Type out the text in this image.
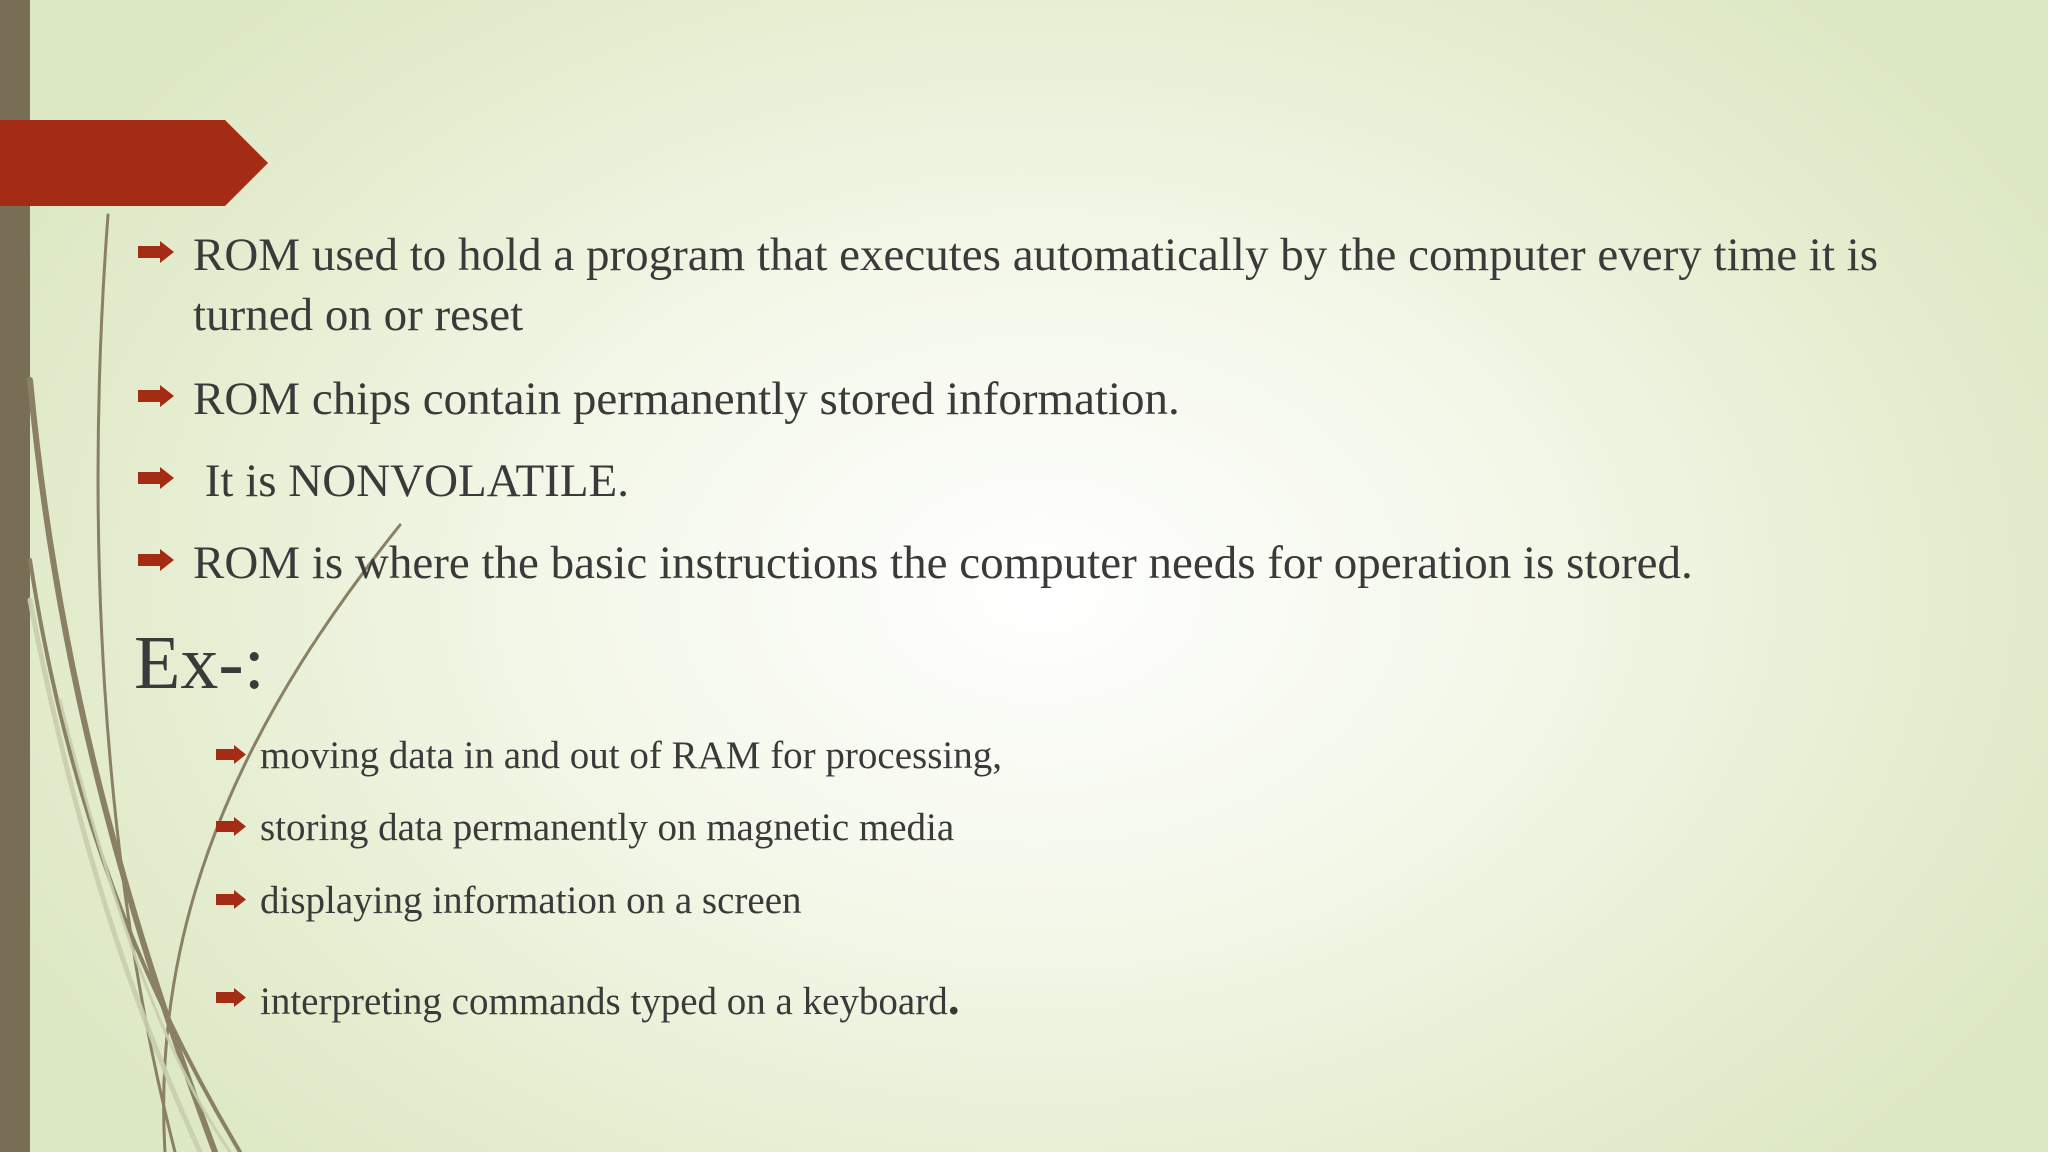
ROM used to hold a program that executes automatically by the computer every time it is turned on or reset
ROM chips contain permanently stored information.
It is NONVOLATILE.
ROM is where the basic instructions the computer needs for operation is stored.
Ex-:
moving data in and out of RAM for processing,
storing data permanently on magnetic media
displaying information on a screen
interpreting commands typed on a keyboard.
